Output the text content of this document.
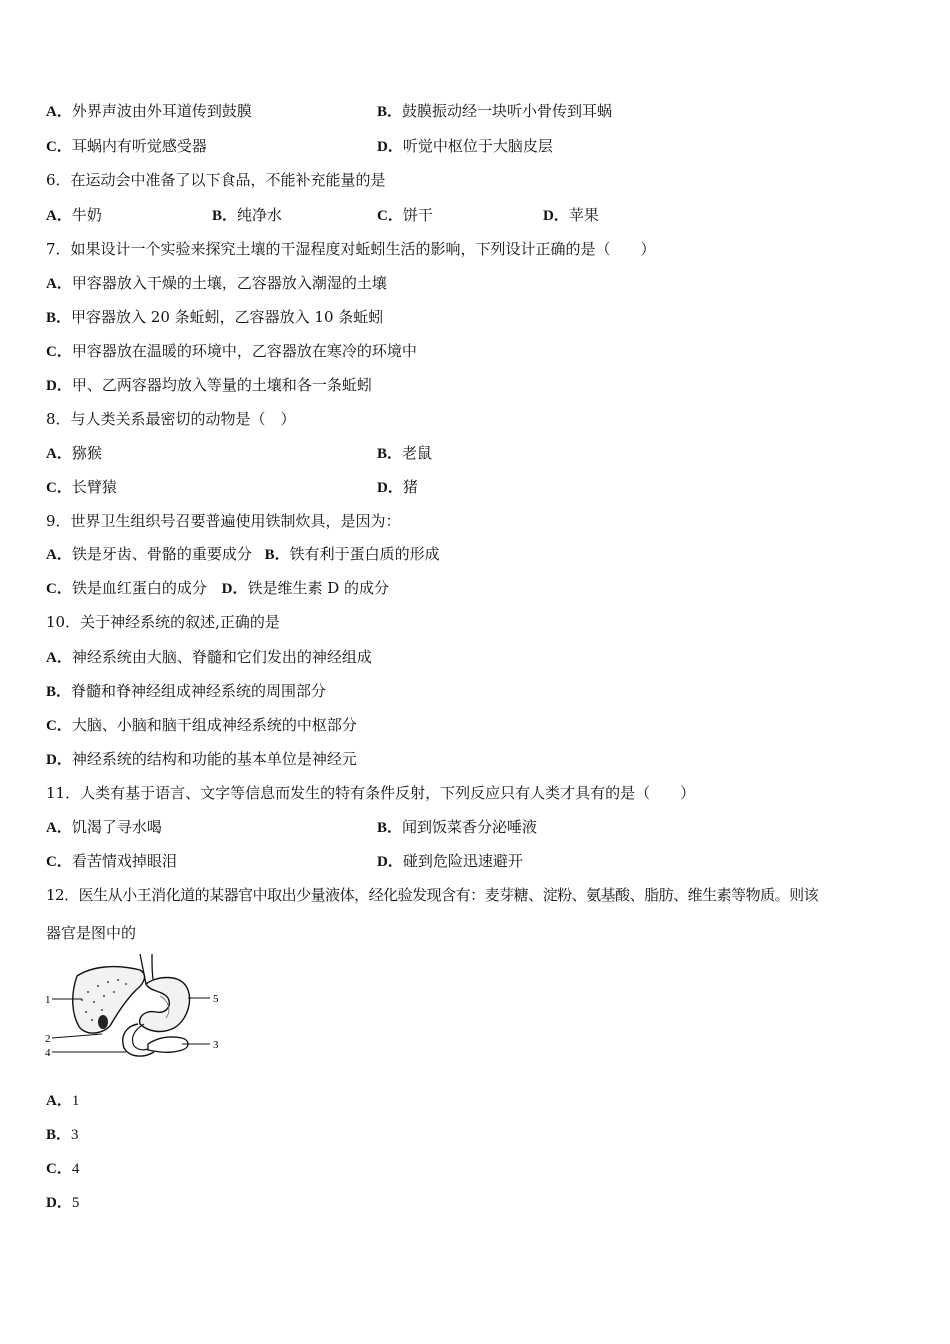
A．外界声波由外耳道传到鼓膜	B．鼓膜振动经一块听小骨传到耳蜗
C．耳蜗内有听觉感受器	D．听觉中枢位于大脑皮层
6．在运动会中准备了以下食品，不能补充能量的是
A．牛奶	B．纯净水	C．饼干	D．苹果
7．如果设计一个实验来探究土壤的干湿程度对蚯蚓生活的影响，下列设计正确的是（　　）
A．甲容器放入干燥的土壤，乙容器放入潮湿的土壤
B．甲容器放入 20 条蚯蚓，乙容器放入 10 条蚯蚓
C．甲容器放在温暖的环境中，乙容器放在寒冷的环境中
D．甲、乙两容器均放入等量的土壤和各一条蚯蚓
8．与人类关系最密切的动物是（　）
A．猕猴	B．老鼠
C．长臂猿	D．猪
9．世界卫生组织号召要普遍使用铁制炊具，是因为：
A．铁是牙齿、骨骼的重要成分 B．铁有利于蛋白质的形成
C．铁是血红蛋白的成分 D．铁是维生素 D 的成分
10．关于神经系统的叙述,正确的是
A．神经系统由大脑、脊髓和它们发出的神经组成
B．脊髓和脊神经组成神经系统的周围部分
C．大脑、小脑和脑干组成神经系统的中枢部分
D．神经系统的结构和功能的基本单位是神经元
11．人类有基于语言、文字等信息而发生的特有条件反射，下列反应只有人类才具有的是（　　）
A．饥渴了寻水喝	B．闻到饭菜香分泌唾液
C．看苦情戏掉眼泪	D．碰到危险迅速避开
12．医生从小王消化道的某器官中取出少量液体，经化验发现含有：麦芽糖、淀粉、氨基酸、脂肪、维生素等物质。则该
器官是图中的
1
2	3
4
5
A．1
B．3
C．4
D．5
